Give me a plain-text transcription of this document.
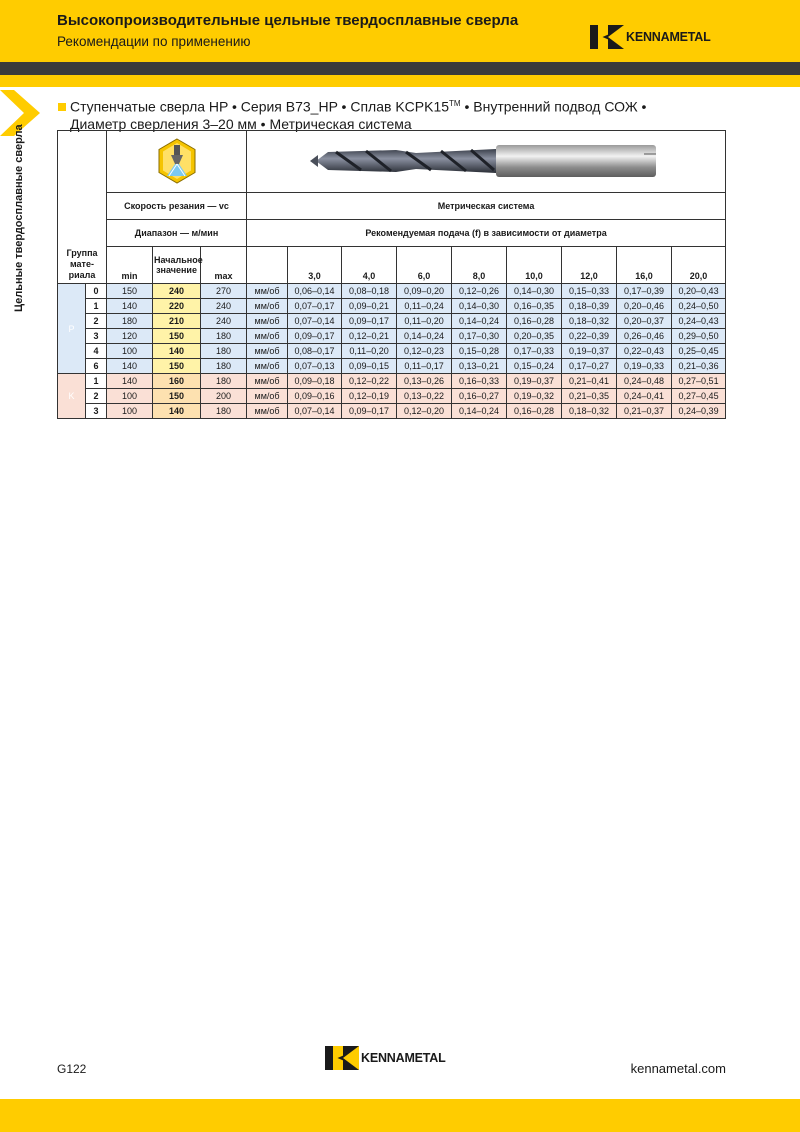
Высокопроизводительные цельные твердосплавные сверла
Рекомендации по применению	KENNAMETAL
Цельные твердосплавные сверла
Ступенчатые сверла HP • Серия B73_HP • Сплав KCPK15™ • Внутренний подвод СОЖ •
Диаметр сверления 3–20 мм • Метрическая система
Группа мате-риала		
		Скорость резания — vc			Метрическая система								
		Диапазон — м/мин			Рекомендуемая подача (f) в зависимости от диаметра								
		min	Начальное значение	max		3,0	4,0	6,0	8,0	10,0	12,0	16,0	20,0
P	0	150	240	270	мм/об	0,06–0,14	0,08–0,18	0,09–0,20	0,12–0,26	0,14–0,30	0,15–0,33	0,17–0,39	0,20–0,43
	1	140	220	240	мм/об	0,07–0,17	0,09–0,21	0,11–0,24	0,14–0,30	0,16–0,35	0,18–0,39	0,20–0,46	0,24–0,50
	2	180	210	240	мм/об	0,07–0,14	0,09–0,17	0,11–0,20	0,14–0,24	0,16–0,28	0,18–0,32	0,20–0,37	0,24–0,43
	3	120	150	180	мм/об	0,09–0,17	0,12–0,21	0,14–0,24	0,17–0,30	0,20–0,35	0,22–0,39	0,26–0,46	0,29–0,50
	4	100	140	180	мм/об	0,08–0,17	0,11–0,20	0,12–0,23	0,15–0,28	0,17–0,33	0,19–0,37	0,22–0,43	0,25–0,45
	6	140	150	180	мм/об	0,07–0,13	0,09–0,15	0,11–0,17	0,13–0,21	0,15–0,24	0,17–0,27	0,19–0,33	0,21–0,36
K	1	140	160	180	мм/об	0,09–0,18	0,12–0,22	0,13–0,26	0,16–0,33	0,19–0,37	0,21–0,41	0,24–0,48	0,27–0,51
	2	100	150	200	мм/об	0,09–0,16	0,12–0,19	0,13–0,22	0,16–0,27	0,19–0,32	0,21–0,35	0,24–0,41	0,27–0,45
	3	100	140	180	мм/об	0,07–0,14	0,09–0,17	0,12–0,20	0,14–0,24	0,16–0,28	0,18–0,32	0,21–0,37	0,24–0,39
G122
KENNAMETAL
kennametal.com
